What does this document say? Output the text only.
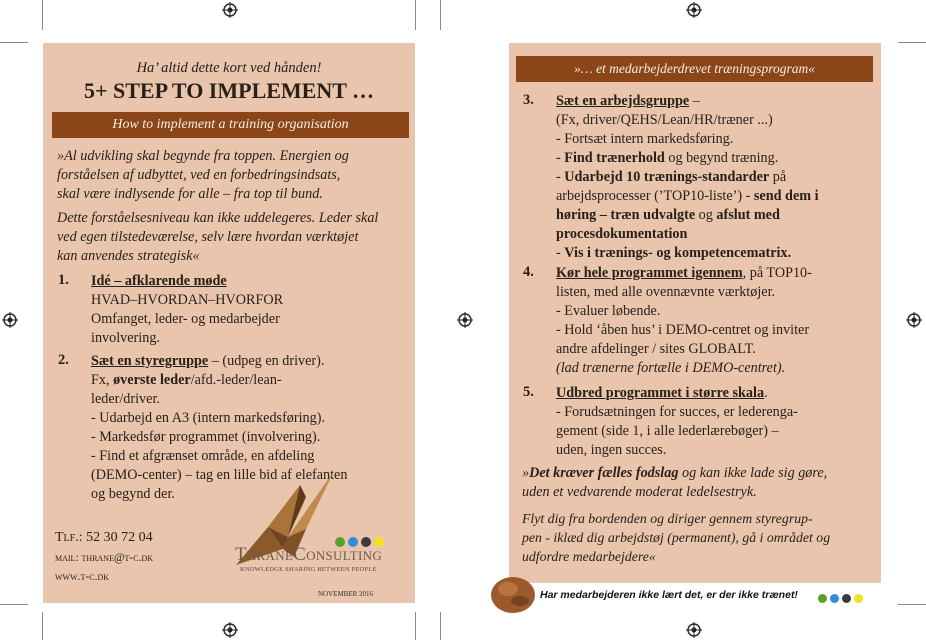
Ha’ altid dette kort ved hånden!
5+ STEP TO IMPLEMENT …
How to implement a training organisation
»Al udvikling skal begynde fra toppen. Energien og
forståelsen af udbyttet, ved en forbedringsindsats,
skal være indlysende for alle – fra top til bund.
Dette forståelsesniveau kan ikke uddelegeres. Leder skal
ved egen tilstedeværelse, selv lære hvordan værktøjet
kan anvendes strategisk«
1. Idé – afklarende møde
HVAD–HVORDAN–HVORFOR
Omfanget, leder- og medarbejder
involvering.
2. Sæt en styregruppe – (udpeg en driver).
Fx, øverste leder/afd.-leder/lean-
leder/driver.
- Udarbejd en A3 (intern markedsføring).
- Markedsfør programmet (involvering).
- Find et afgrænset område, en afdeling
(DEMO-center) – tag en lille bid af elefanten
og begynd der.
Tlf.: 52 30 72 04
mail: thrane@t-c.dk
www.t-c.dk
ThraneConsulting
KNOWLEDGE SHARING BETWEEN PEOPLE
NOVEMBER 2016
»… et medarbejderdrevet træningsprogram«
3. Sæt en arbejdsgruppe –
(Fx, driver/QEHS/Lean/HR/træner ...)
- Fortsæt intern markedsføring.
- Find trænerhold og begynd træning.
- Udarbejd 10 trænings-standarder på
arbejdsprocesser (’TOP10-liste’) - send dem i
høring – træn udvalgte og afslut med
procesdokumentation
- Vis i trænings- og kompetencematrix.
4. Kør hele programmet igennem, på TOP10-
listen, med alle ovennævnte værktøjer.
- Evaluer løbende.
- Hold ‘åben hus’ i DEMO-centret og inviter
andre afdelinger / sites GLOBALT.
(lad trænerne fortælle i DEMO-centret).
5. Udbred programmet i større skala.
- Forudsætningen for succes, er lederenga-
gement (side 1, i alle lederlærebøger) –
uden, ingen succes.
»Det kræver fælles fodslag og kan ikke lade sig gøre,
uden et vedvarende moderat ledelsestryk.
Flyt dig fra bordenden og diriger gennem styregrup-
pen - iklæd dig arbejdstøj (permanent), gå i området og
udfordre medarbejdere«
Har medarbejderen ikke lært det, er der ikke trænet!
